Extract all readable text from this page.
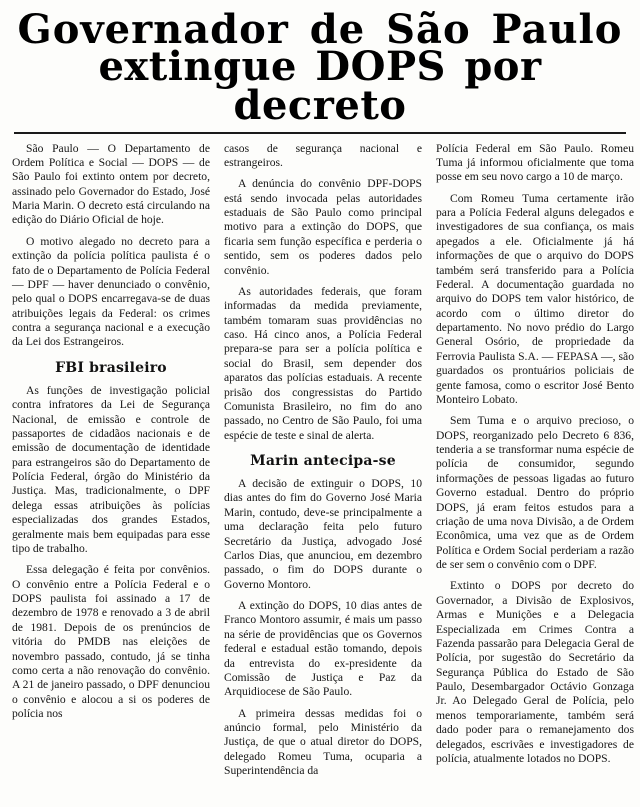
Governador de São Paulo
extingue DOPS por decreto

São Paulo — O Departamento de Ordem Política e Social — DOPS — de São Paulo foi extinto ontem por decreto, assinado pelo Governador do Estado, José Maria Marin. O decreto está circulando na edição do Diário Oficial de hoje.

O motivo alegado no decreto para a extinção da polícia política paulista é o fato de o Departamento de Polícia Federal — DPF — haver denunciado o convênio, pelo qual o DOPS encarregava-se de duas atribuições legais da Federal: os crimes contra a segurança nacional e a execução da Lei dos Estrangeiros.

FBI brasileiro

As funções de investigação policial contra infratores da Lei de Segurança Nacional, de emissão e controle de passaportes de cidadãos nacionais e de emissão de documentação de identidade para estrangeiros são do Departamento de Polícia Federal, órgão do Ministério da Justiça. Mas, tradicionalmente, o DPF delega essas atribuições às polícias especializadas dos grandes Estados, geralmente mais bem equipadas para esse tipo de trabalho.

Essa delegação é feita por convênios. O convênio entre a Polícia Federal e o DOPS paulista foi assinado a 17 de dezembro de 1978 e renovado a 3 de abril de 1981. Depois de os prenúncios de vitória do PMDB nas eleições de novembro passado, contudo, já se tinha como certa a não renovação do convênio. A 21 de janeiro passado, o DPF denunciou o convênio e alocou a si os poderes de polícia nos

casos de segurança nacional e estrangeiros.

A denúncia do convênio DPF-DOPS está sendo invocada pelas autoridades estaduais de São Paulo como principal motivo para a extinção do DOPS, que ficaria sem função específica e perderia o sentido, sem os poderes dados pelo convênio.

As autoridades federais, que foram informadas da medida previamente, também tomaram suas providências no caso. Há cinco anos, a Polícia Federal prepara-se para ser a polícia política e social do Brasil, sem depender dos aparatos das polícias estaduais. A recente prisão dos congressistas do Partido Comunista Brasileiro, no fim do ano passado, no Centro de São Paulo, foi uma espécie de teste e sinal de alerta.

Marin antecipa-se

A decisão de extinguir o DOPS, 10 dias antes do fim do Governo José Maria Marin, contudo, deve-se principalmente a uma declaração feita pelo futuro Secretário da Justiça, advogado José Carlos Dias, que anunciou, em dezembro passado, o fim do DOPS durante o Governo Montoro.

A extinção do DOPS, 10 dias antes de Franco Montoro assumir, é mais um passo na série de providências que os Governos federal e estadual estão tomando, depois da entrevista do ex-presidente da Comissão de Justiça e Paz da Arquidiocese de São Paulo.

A primeira dessas medidas foi o anúncio formal, pelo Ministério da Justiça, de que o atual diretor do DOPS, delegado Romeu Tuma, ocuparia a Superintendência da

Polícia Federal em São Paulo. Romeu Tuma já informou oficialmente que toma posse em seu novo cargo a 10 de março.

Com Romeu Tuma certamente irão para a Polícia Federal alguns delegados e investigadores de sua confiança, os mais apegados a ele. Oficialmente já há informações de que o arquivo do DOPS também será transferido para a Polícia Federal. A documentação guardada no arquivo do DOPS tem valor histórico, de acordo com o último diretor do departamento. No novo prédio do Largo General Osório, de propriedade da Ferrovia Paulista S.A. — FEPASA —, são guardados os prontuários policiais de gente famosa, como o escritor José Bento Monteiro Lobato.

Sem Tuma e o arquivo precioso, o DOPS, reorganizado pelo Decreto 6 836, tenderia a se transformar numa espécie de polícia de consumidor, segundo informações de pessoas ligadas ao futuro Governo estadual. Dentro do próprio DOPS, já eram feitos estudos para a criação de uma nova Divisão, a de Ordem Econômica, uma vez que as de Ordem Política e Ordem Social perderiam a razão de ser sem o convênio com o DPF.

Extinto o DOPS por decreto do Governador, a Divisão de Explosivos, Armas e Munições e a Delegacia Especializada em Crimes Contra a Fazenda passarão para Delegacia Geral de Polícia, por sugestão do Secretário da Segurança Pública do Estado de São Paulo, Desembargador Octávio Gonzaga Jr. Ao Delegado Geral de Polícia, pelo menos temporariamente, também será dado poder para o remanejamento dos delegados, escrivães e investigadores de polícia, atualmente lotados no DOPS.
